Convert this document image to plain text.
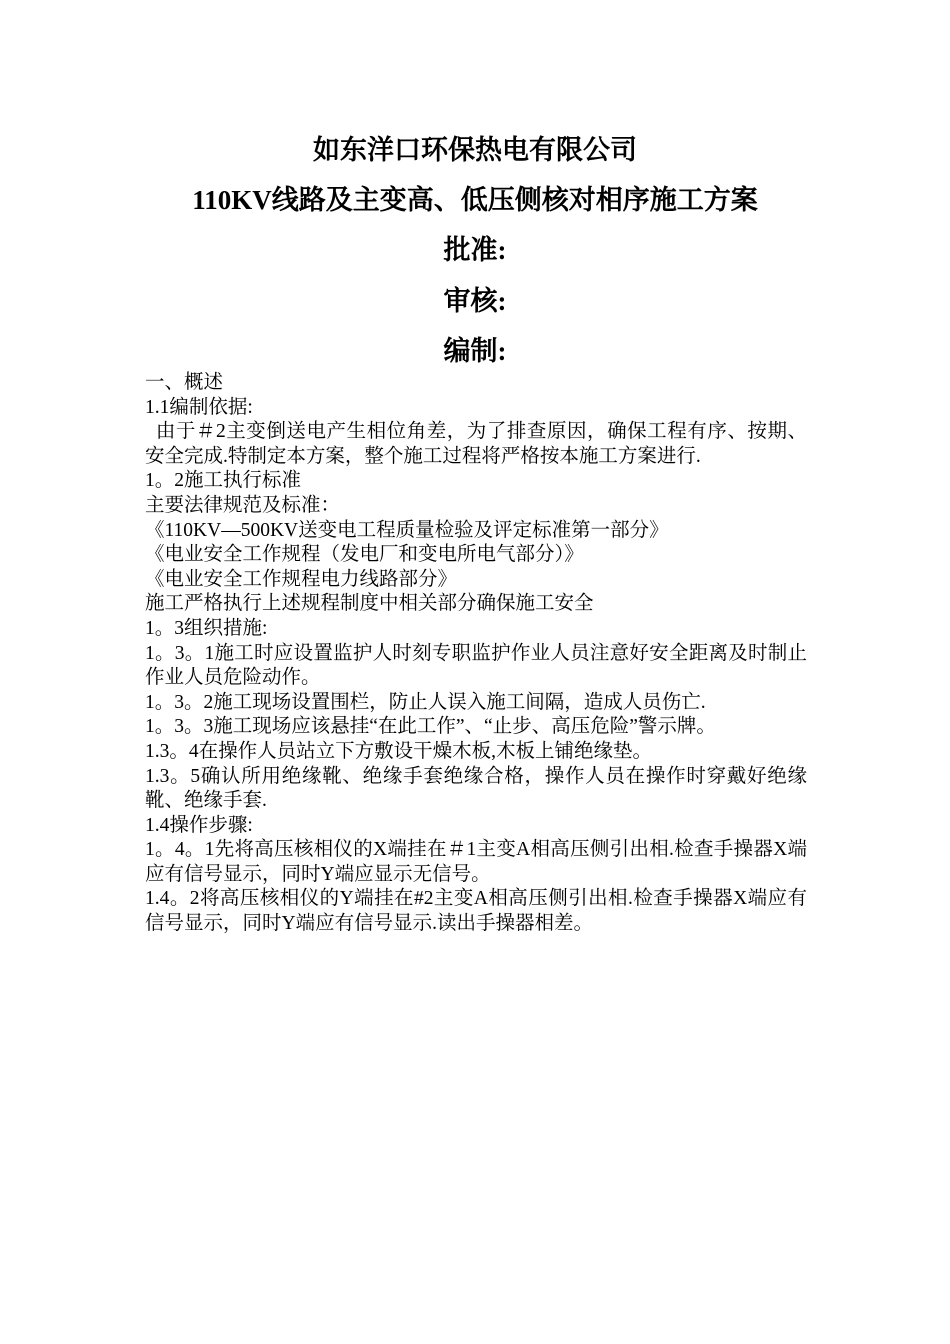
如东洋口环保热电有限公司
110KV线路及主变高、低压侧核对相序施工方案
批准:
审核:
编制:

一、概述

1.1编制依据:

由于＃2主变倒送电产生相位角差，为了排查原因，确保工程有序、按期、安全完成.特制定本方案，整个施工过程将严格按本施工方案进行.

1。2施工执行标准

主要法律规范及标准：

《110KV—500KV送变电工程质量检验及评定标准第一部分》

《电业安全工作规程（发电厂和变电所电气部分）》

《电业安全工作规程电力线路部分》

施工严格执行上述规程制度中相关部分确保施工安全

1。3组织措施:

1。3。1施工时应设置监护人时刻专职监护作业人员注意好安全距离及时制止作业人员危险动作。

1。3。2施工现场设置围栏，防止人误入施工间隔，造成人员伤亡.

1。3。3施工现场应该悬挂“在此工作”、“止步、高压危险”警示牌。

1.3。4在操作人员站立下方敷设干燥木板,木板上铺绝缘垫。

1.3。5确认所用绝缘靴、绝缘手套绝缘合格，操作人员在操作时穿戴好绝缘靴、绝缘手套.

1.4操作步骤:

1。4。1先将高压核相仪的X端挂在＃1主变A相高压侧引出相.检查手操器X端应有信号显示，同时Y端应显示无信号。

1.4。2将高压核相仪的Y端挂在#2主变A相高压侧引出相.检查手操器X端应有信号显示，同时Y端应有信号显示.读出手操器相差。
